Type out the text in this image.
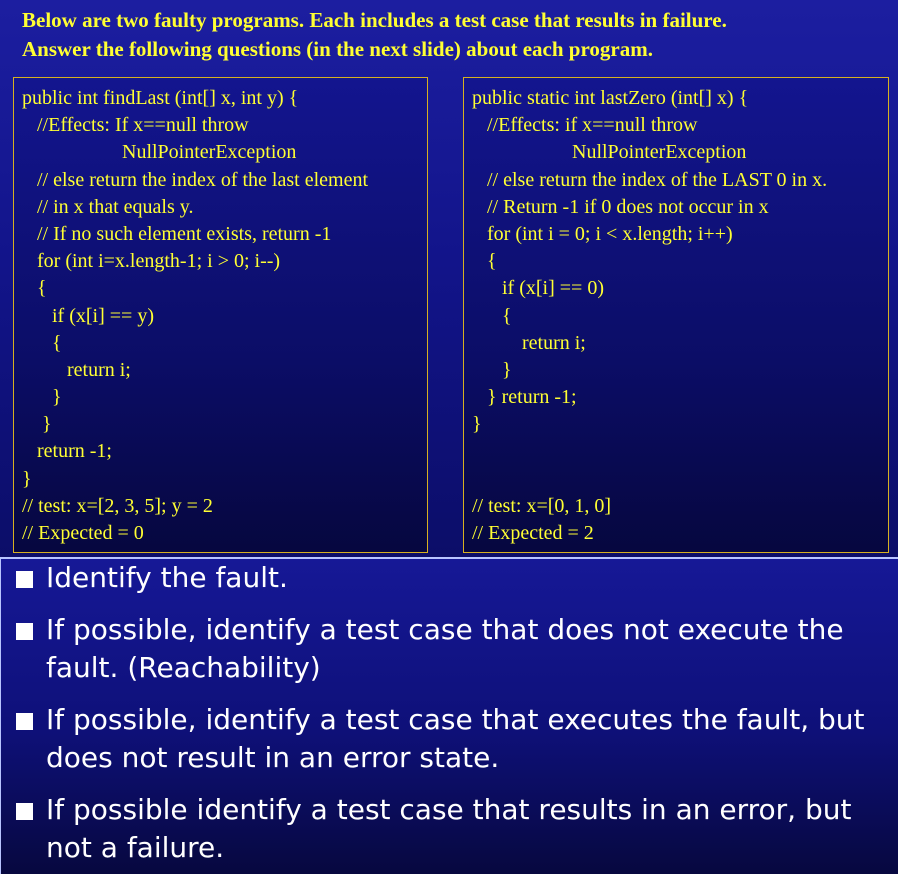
Below are two faulty programs. Each includes a test case that results in failure.
Answer the following questions (in the next slide) about each program.
public int findLast (int[] x, int y) {
//Effects: If x==null throw
NullPointerException
// else return the index of the last element
// in x that equals y.
// If no such element exists, return -1
for (int i=x.length-1; i > 0; i--)
{
if (x[i] == y)
{
return i;
}
}
return -1;
}
// test: x=[2, 3, 5]; y = 2
// Expected = 0
public static int lastZero (int[] x) {
//Effects: if x==null throw
NullPointerException
// else return the index of the LAST 0 in x.
// Return -1 if 0 does not occur in x
for (int i = 0; i < x.length; i++)
{
if (x[i] == 0)
{
return i;
}
} return -1;
}
// test: x=[0, 1, 0]
// Expected = 2
Identify the fault.
If possible, identify a test case that does not execute the fault. (Reachability)
If possible, identify a test case that executes the fault, but does not result in an error state.
If possible identify a test case that results in an error, but not a failure.
